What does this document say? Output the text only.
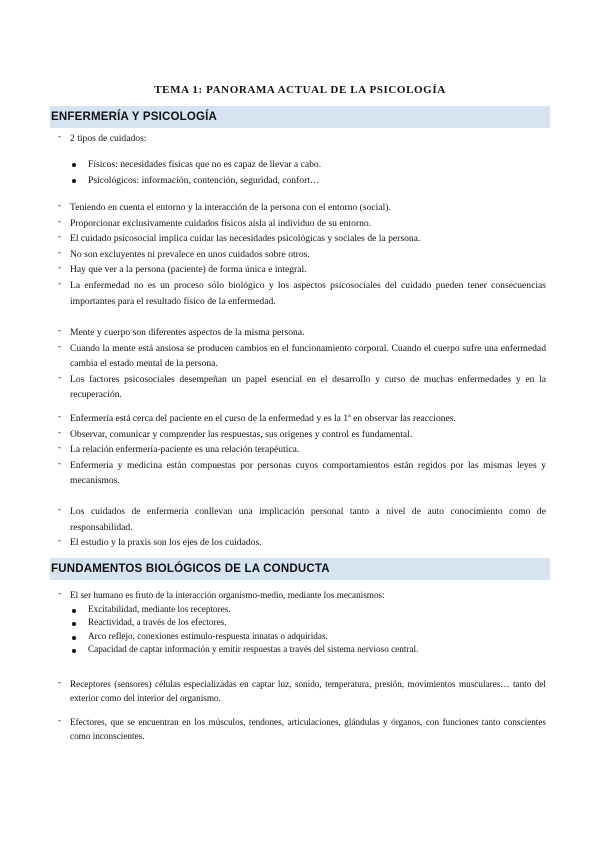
TEMA 1: PANORAMA ACTUAL DE LA PSICOLOGÍA
ENFERMERÍA Y PSICOLOGÍA
- 2 tipos de cuidados:
Físicos: necesidades físicas que no es capaz de llevar a cabo.
Psicológicos: información, contención, seguridad, confort…
- Teniendo en cuenta el entorno y la interacción de la persona con el entorno (social).
- Proporcionar exclusivamente cuidados físicos aísla al individuo de su entorno.
- El cuidado psicosocial implica cuidar las necesidades psicológicas y sociales de la persona.
- No son excluyentes ni prevalece en unos cuidados sobre otros.
- Hay que ver a la persona (paciente) de forma única e integral.
- La enfermedad no es un proceso sólo biológico y los aspectos psicosociales del cuidado pueden tener consecuencias importantes para el resultado físico de la enfermedad.
- Mente y cuerpo son diferentes aspectos de la misma persona.
- Cuando la mente está ansiosa se producen cambios en el funcionamiento corporal. Cuando el cuerpo sufre una enfermedad cambia el estado mental de la persona.
- Los factores psicosociales desempeñan un papel esencial en el desarrollo y curso de muchas enfermedades y en la recuperación.
- Enfermería está cerca del paciente en el curso de la enfermedad y es la 1ª en observar las reacciones.
- Observar, comunicar y comprender las respuestas, sus orígenes y control es fundamental.
- La relación enfermería-paciente es una relación terapéutica.
- Enfermería y medicina están compuestas por personas cuyos comportamientos están regidos por las mismas leyes y mecanismos.
- Los cuidados de enfermería conllevan una implicación personal tanto a nivel de auto conocimiento como de responsabilidad.
- El estudio y la praxis son los ejes de los cuidados.
FUNDAMENTOS BIOLÓGICOS DE LA CONDUCTA
- El ser humano es fruto de la interacción organismo-medio, mediante los mecanismos:
Excitabilidad, mediante los receptores.
Reactividad, a través de los efectores.
Arco reflejo, conexiones estímulo-respuesta innatas o adquiridas.
Capacidad de captar información y emitir respuestas a través del sistema nervioso central.
- Receptores (sensores) células especializadas en captar luz, sonido, temperatura, presión, movimientos musculares… tanto del exterior como del interior del organismo.
- Efectores, que se encuentran en los músculos, tendones, articulaciones, glándulas y órganos, con funciones tanto conscientes como inconscientes.
